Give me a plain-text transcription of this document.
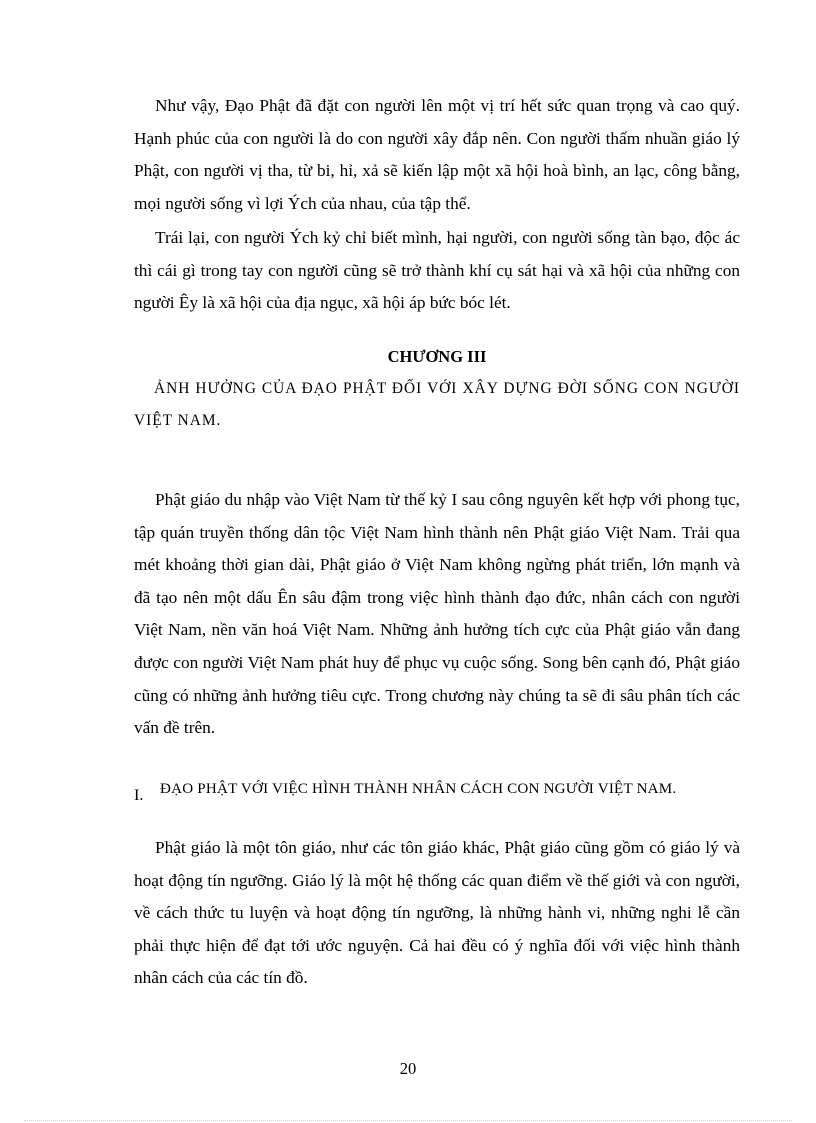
Như vậy, Đạo Phật đã đặt con người lên một vị trí hết sức quan trọng và cao quý. Hạnh phúc của con người là do con người xây đắp nên. Con người thấm nhuần giáo lý Phật, con người vị tha, từ bi, hỉ, xả sẽ kiến lập một xã hội hoà bình, an lạc, công bằng, mọi người sống vì lợi Ých của nhau, của tập thể.

Trái lại, con người Ých kỷ chỉ biết mình, hại người, con người sống tàn bạo, độc ác thì cái gì trong tay con người cũng sẽ trở thành khí cụ sát hại và xã hội của những con người Êy là xã hội của địa ngục, xã hội áp bức bóc lét.

CHƯƠNG III

ẢNH HƯỞNG CỦA ĐẠO PHẬT ĐỐI VỚI XÂY DỰNG ĐỜI SỐNG CON NGƯỜI VIỆT NAM.

Phật giáo du nhập vào Việt Nam từ thế kỷ I sau công nguyên kết hợp với phong tục, tập quán truyền thống dân tộc Việt Nam hình thành nên Phật giáo Việt Nam. Trải qua mét khoảng thời gian dài, Phật giáo ở Việt Nam không ngừng phát triển, lớn mạnh và đã tạo nên một dấu Ên sâu đậm trong việc hình thành đạo đức, nhân cách con người Việt Nam, nền văn hoá Việt Nam. Những ảnh hưởng tích cực của Phật giáo vẫn đang được con người Việt Nam phát huy để phục vụ cuộc sống. Song bên cạnh đó, Phật giáo cũng có những ảnh hưởng tiêu cực. Trong chương này chúng ta sẽ đi sâu phân tích các vấn đề trên.

I. ĐẠO PHẬT VỚI VIỆC HÌNH THÀNH NHÂN CÁCH CON NGƯỜI VIỆT NAM.

Phật giáo là một tôn giáo, như các tôn giáo khác, Phật giáo cũng gồm có giáo lý và hoạt động tín ngưỡng. Giáo lý là một hệ thống các quan điểm về thế giới và con người, về cách thức tu luyện và hoạt động tín ngưỡng, là những hành vi, những nghi lễ cần phải thực hiện để đạt tới ước nguyện. Cả hai đều có ý nghĩa đối với việc hình thành nhân cách của các tín đồ.

20
